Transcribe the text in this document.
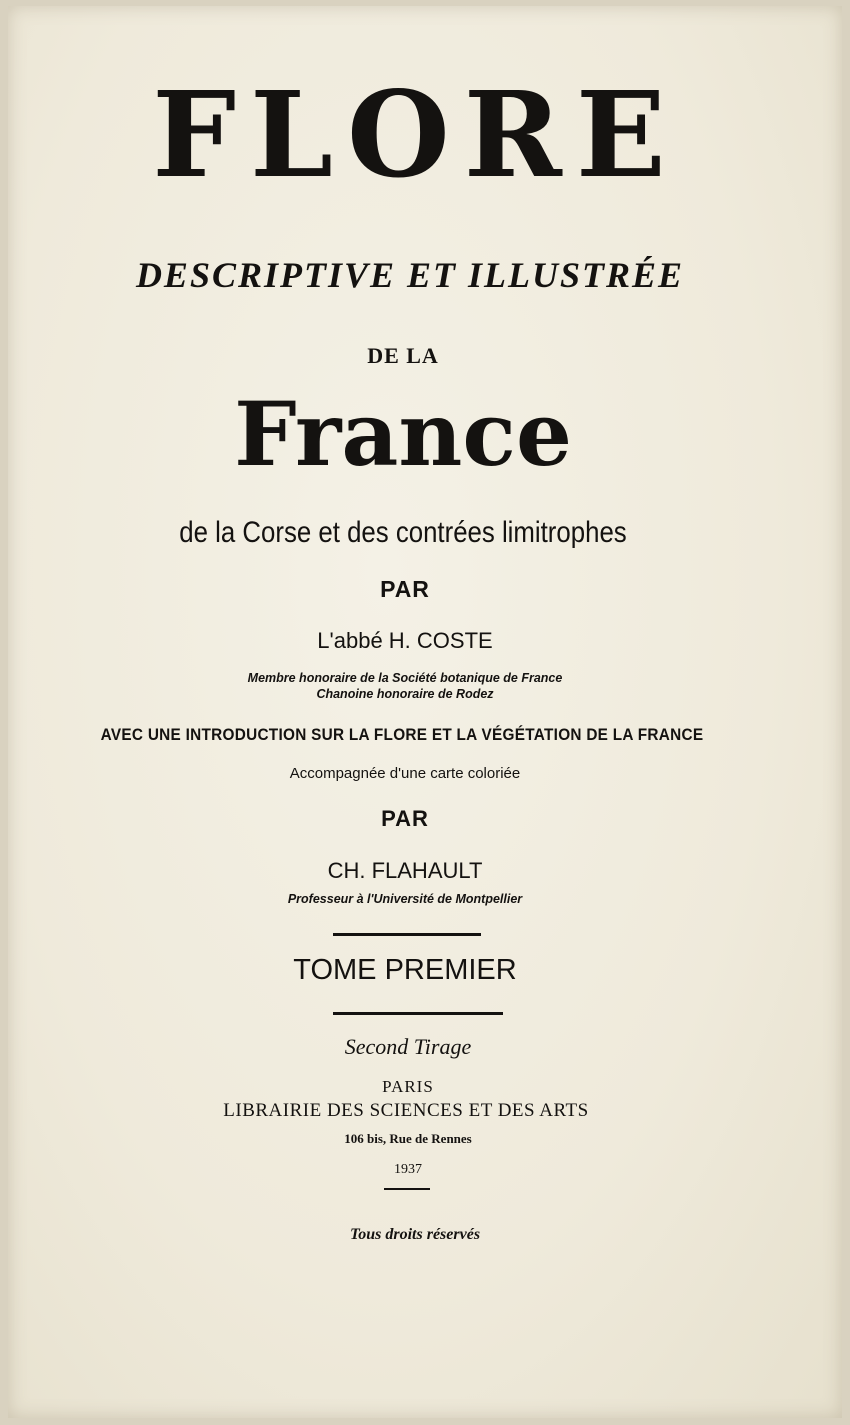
FLORE
DESCRIPTIVE ET ILLUSTRÉE
DE LA
France
de la Corse et des contrées limitrophes
PAR
L'abbé H. COSTE
Membre honoraire de la Société botanique de France
Chanoine honoraire de Rodez
AVEC UNE INTRODUCTION SUR LA FLORE ET LA VÉGÉTATION DE LA FRANCE
Accompagnée d'une carte coloriée
PAR
CH. FLAHAULT
Professeur à l'Université de Montpellier
TOME PREMIER
Second Tirage
PARIS
LIBRAIRIE DES SCIENCES ET DES ARTS
106 bis, Rue de Rennes
1937
Tous droits réservés
